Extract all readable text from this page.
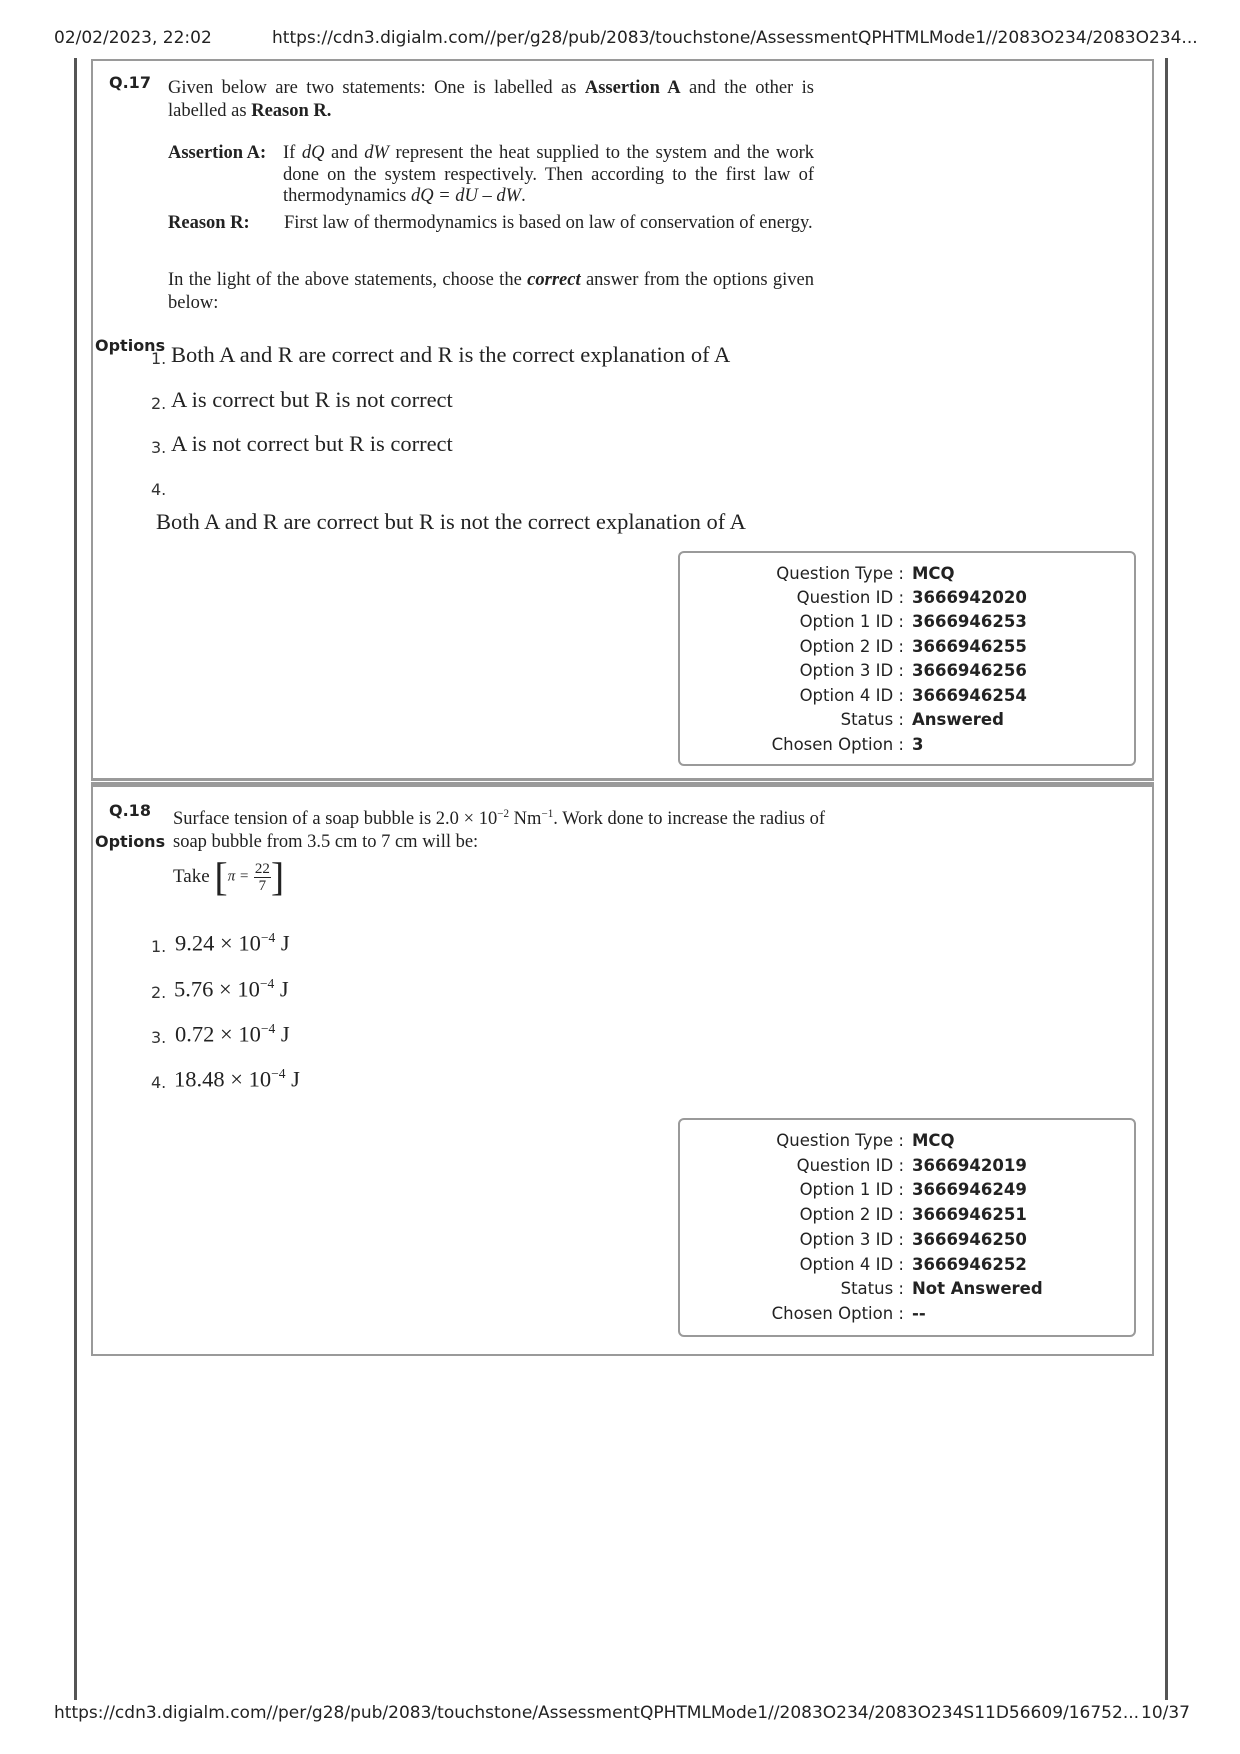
02/02/2023, 22:02	https://cdn3.digialm.com//per/g28/pub/2083/touchstone/AssessmentQPHTMLMode1//2083O234/2083O234...
Q.17 Given below are two statements: One is labelled as Assertion A and the other is labelled as Reason R.

Assertion A: If dQ and dW represent the heat supplied to the system and the work done on the system respectively. Then according to the first law of thermodynamics dQ = dU – dW.
Reason R: First law of thermodynamics is based on law of conservation of energy.

In the light of the above statements, choose the correct answer from the options given below:

Options
1. Both A and R are correct and R is the correct explanation of A
2. A is correct but R is not correct
3. A is not correct but R is correct
4.
Both A and R are correct but R is not the correct explanation of A
Question Type : MCQ
Question ID : 3666942020
Option 1 ID : 3666946253
Option 2 ID : 3666946255
Option 3 ID : 3666946256
Option 4 ID : 3666946254
Status : Answered
Chosen Option : 3
Q.18 Surface tension of a soap bubble is $2.0 \times 10^{-2}$ $Nm^{-1}$. Work done to increase the radius of soap bubble from 3.5 cm to 7 cm will be:

Take [$\pi = \frac{22}{7}$ ]
Options
1. $9.24 \times 10^{-4}$ J
2. $5.76 \times 10^{-4}$ J
3. $0.72 \times 10^{-4}$ J
4. $18.48 \times 10^{-4}$ J
Question Type : MCQ
Question ID : 3666942019
Option 1 ID : 3666946249
Option 2 ID : 3666946251
Option 3 ID : 3666946250
Option 4 ID : 3666946252
Status : Not Answered
Chosen Option : --
https://cdn3.digialm.com//per/g28/pub/2083/touchstone/AssessmentQPHTMLMode1//2083O234/2083O234S11D56609/16752... 10/37
